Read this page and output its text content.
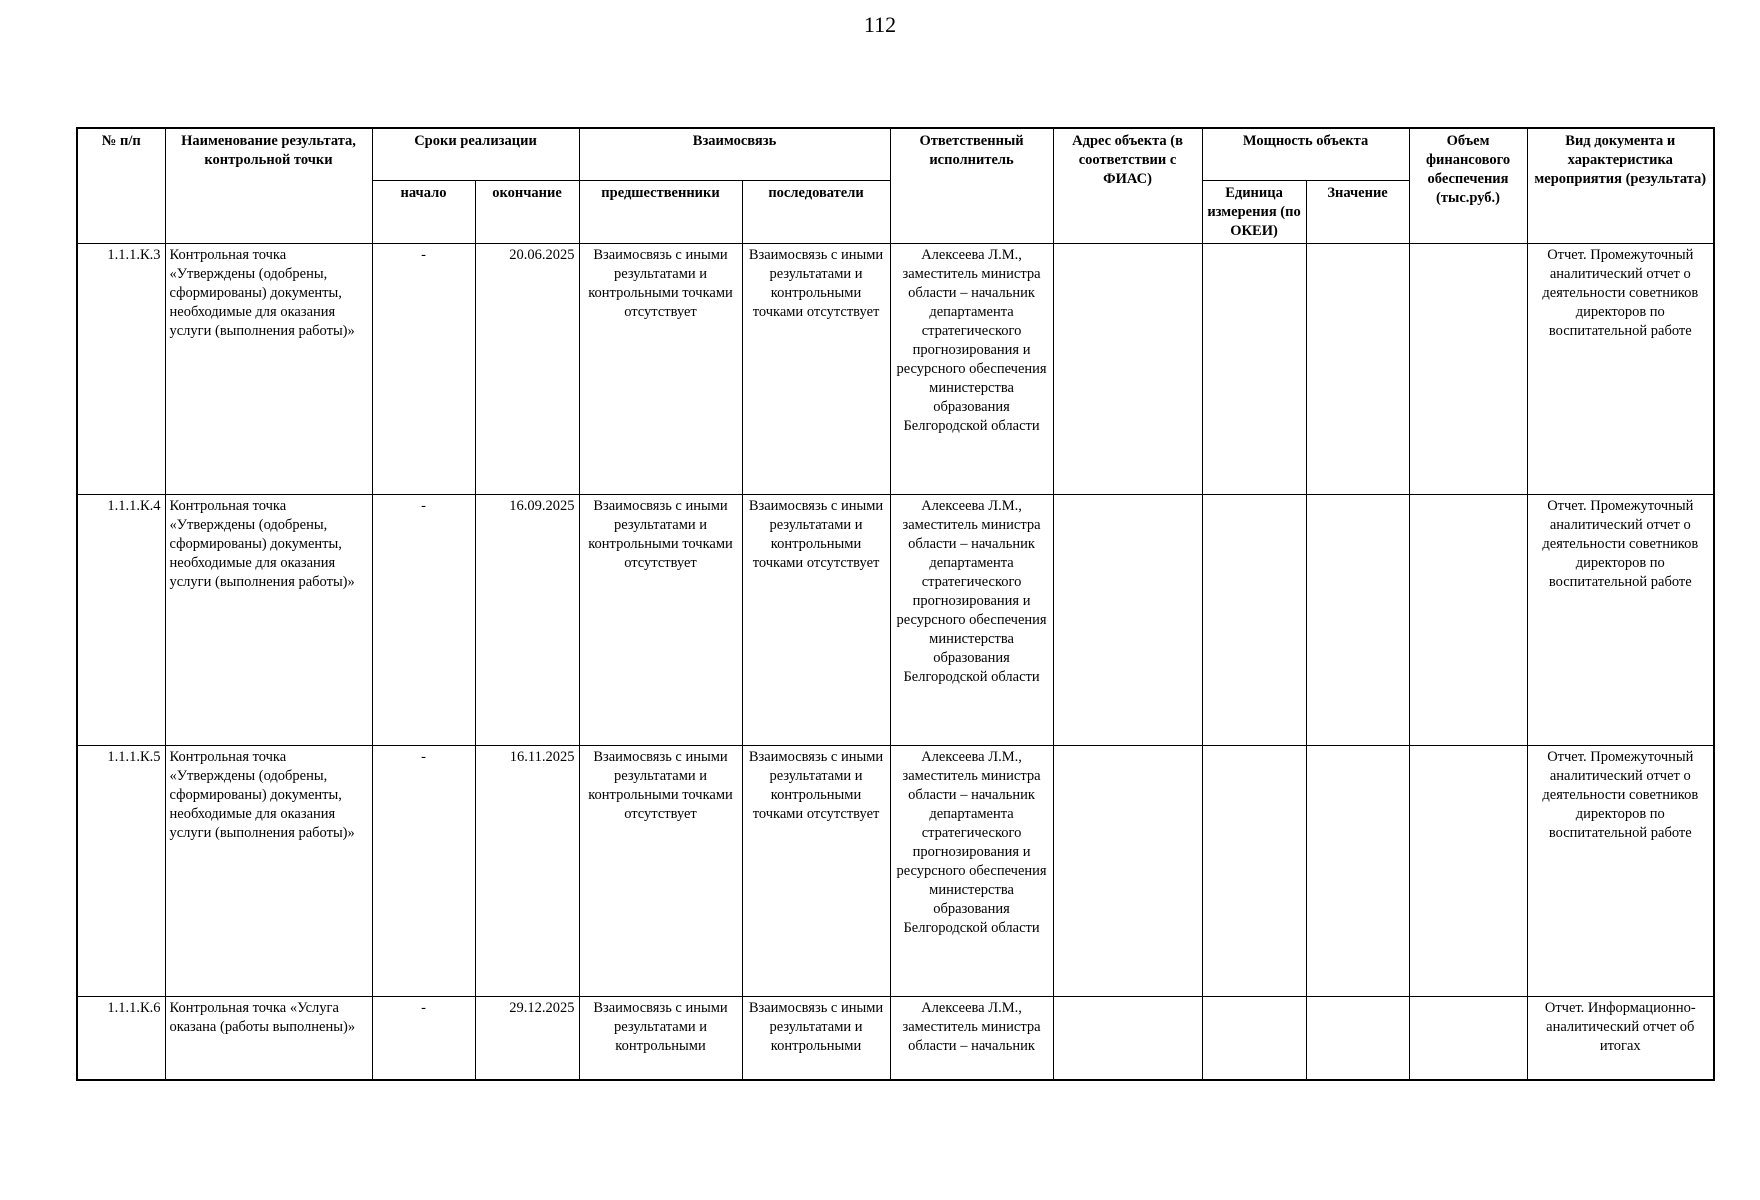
112
№ п/п	Наименование результата, контрольной точки	Сроки реализации		Взаимосвязь		Ответственный исполнитель	Адрес объекта (в соответствии с ФИАС)	Мощность объекта		Объем финансового обеспечения (тыс.руб.)	Вид документа и характеристика мероприятия (результата)
		начало	окончание	предшественники	последователи			Единица измерения (по ОКЕИ)	Значение		
1.1.1.К.3	Контрольная точка «Утверждены (одобрены, сформированы) документы, необходимые для оказания услуги (выполнения работы)»	-	20.06.2025	Взаимосвязь с иными результатами и контрольными точками отсутствует	Взаимосвязь с иными результатами и контрольными точками отсутствует	Алексеева Л.М., заместитель министра области – начальник департамента стратегического прогнозирования и ресурсного обеспечения министерства образования Белгородской области					Отчет. Промежуточный аналитический отчет о деятельности советников директоров по воспитательной работе
1.1.1.К.4	Контрольная точка «Утверждены (одобрены, сформированы) документы, необходимые для оказания услуги (выполнения работы)»	-	16.09.2025	Взаимосвязь с иными результатами и контрольными точками отсутствует	Взаимосвязь с иными результатами и контрольными точками отсутствует	Алексеева Л.М., заместитель министра области – начальник департамента стратегического прогнозирования и ресурсного обеспечения министерства образования Белгородской области					Отчет. Промежуточный аналитический отчет о деятельности советников директоров по воспитательной работе
1.1.1.К.5	Контрольная точка «Утверждены (одобрены, сформированы) документы, необходимые для оказания услуги (выполнения работы)»	-	16.11.2025	Взаимосвязь с иными результатами и контрольными точками отсутствует	Взаимосвязь с иными результатами и контрольными точками отсутствует	Алексеева Л.М., заместитель министра области – начальник департамента стратегического прогнозирования и ресурсного обеспечения министерства образования Белгородской области					Отчет. Промежуточный аналитический отчет о деятельности советников директоров по воспитательной работе
1.1.1.К.6	Контрольная точка «Услуга оказана (работы выполнены)»	-	29.12.2025	Взаимосвязь с иными результатами и контрольными	Взаимосвязь с иными результатами и контрольными	Алексеева Л.М., заместитель министра области – начальник					Отчет. Информационно-аналитический отчет об итогах
